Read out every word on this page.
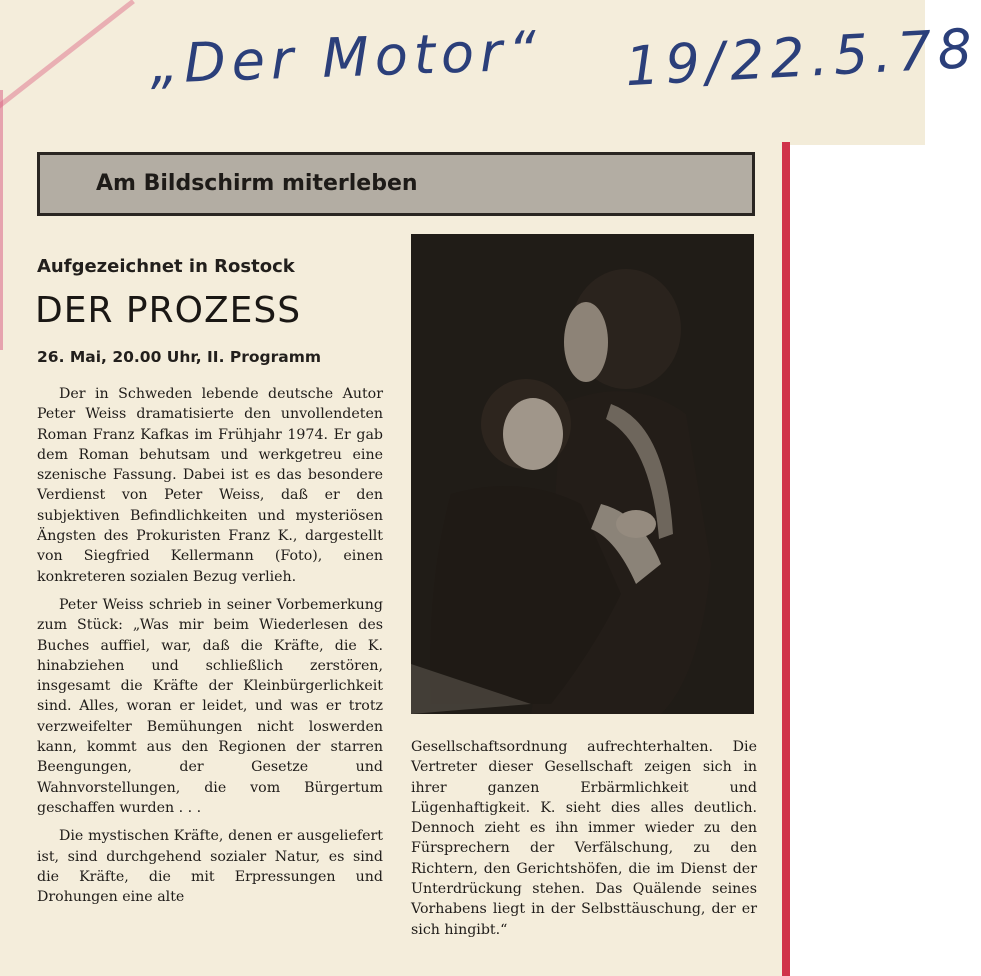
„Der Motor“ 19/22.5.78
Am Bildschirm miterleben
Aufgezeichnet in Rostock
DER PROZESS
26. Mai, 20.00 Uhr, II. Programm

Der in Schweden lebende deutsche Autor Peter Weiss dramatisierte den unvollendeten Roman Franz Kafkas im Frühjahr 1974. Er gab dem Roman behutsam und werkgetreu eine szenische Fassung. Dabei ist es das besondere Verdienst von Peter Weiss, daß er den subjektiven Befindlichkeiten und mysteriösen Ängsten des Prokuristen Franz K., dargestellt von Siegfried Kellermann (Foto), einen konkreteren sozialen Bezug verlieh.

Peter Weiss schrieb in seiner Vorbemerkung zum Stück: „Was mir beim Wiederlesen des Buches auffiel, war, daß die Kräfte, die K. hinabziehen und schließlich zerstören, insgesamt die Kräfte der Kleinbürgerlichkeit sind. Alles, woran er leidet, und was er trotz verzweifelter Bemühungen nicht loswerden kann, kommt aus den Regionen der starren Beengungen, der Gesetze und Wahnvorstellungen, die vom Bürgertum geschaffen wurden . . .

Die mystischen Kräfte, denen er ausgeliefert ist, sind durchgehend sozialer Natur, es sind die Kräfte, die mit Erpressungen und Drohungen eine alte

Gesellschaftsordnung aufrechterhalten. Die Vertreter dieser Gesellschaft zeigen sich in ihrer ganzen Erbärmlichkeit und Lügenhaftigkeit. K. sieht dies alles deutlich. Dennoch zieht es ihn immer wieder zu den Fürsprechern der Verfälschung, zu den Richtern, den Gerichtshöfen, die im Dienst der Unterdrückung stehen. Das Quälende seines Vorhabens liegt in der Selbsttäuschung, der er sich hingibt.“
